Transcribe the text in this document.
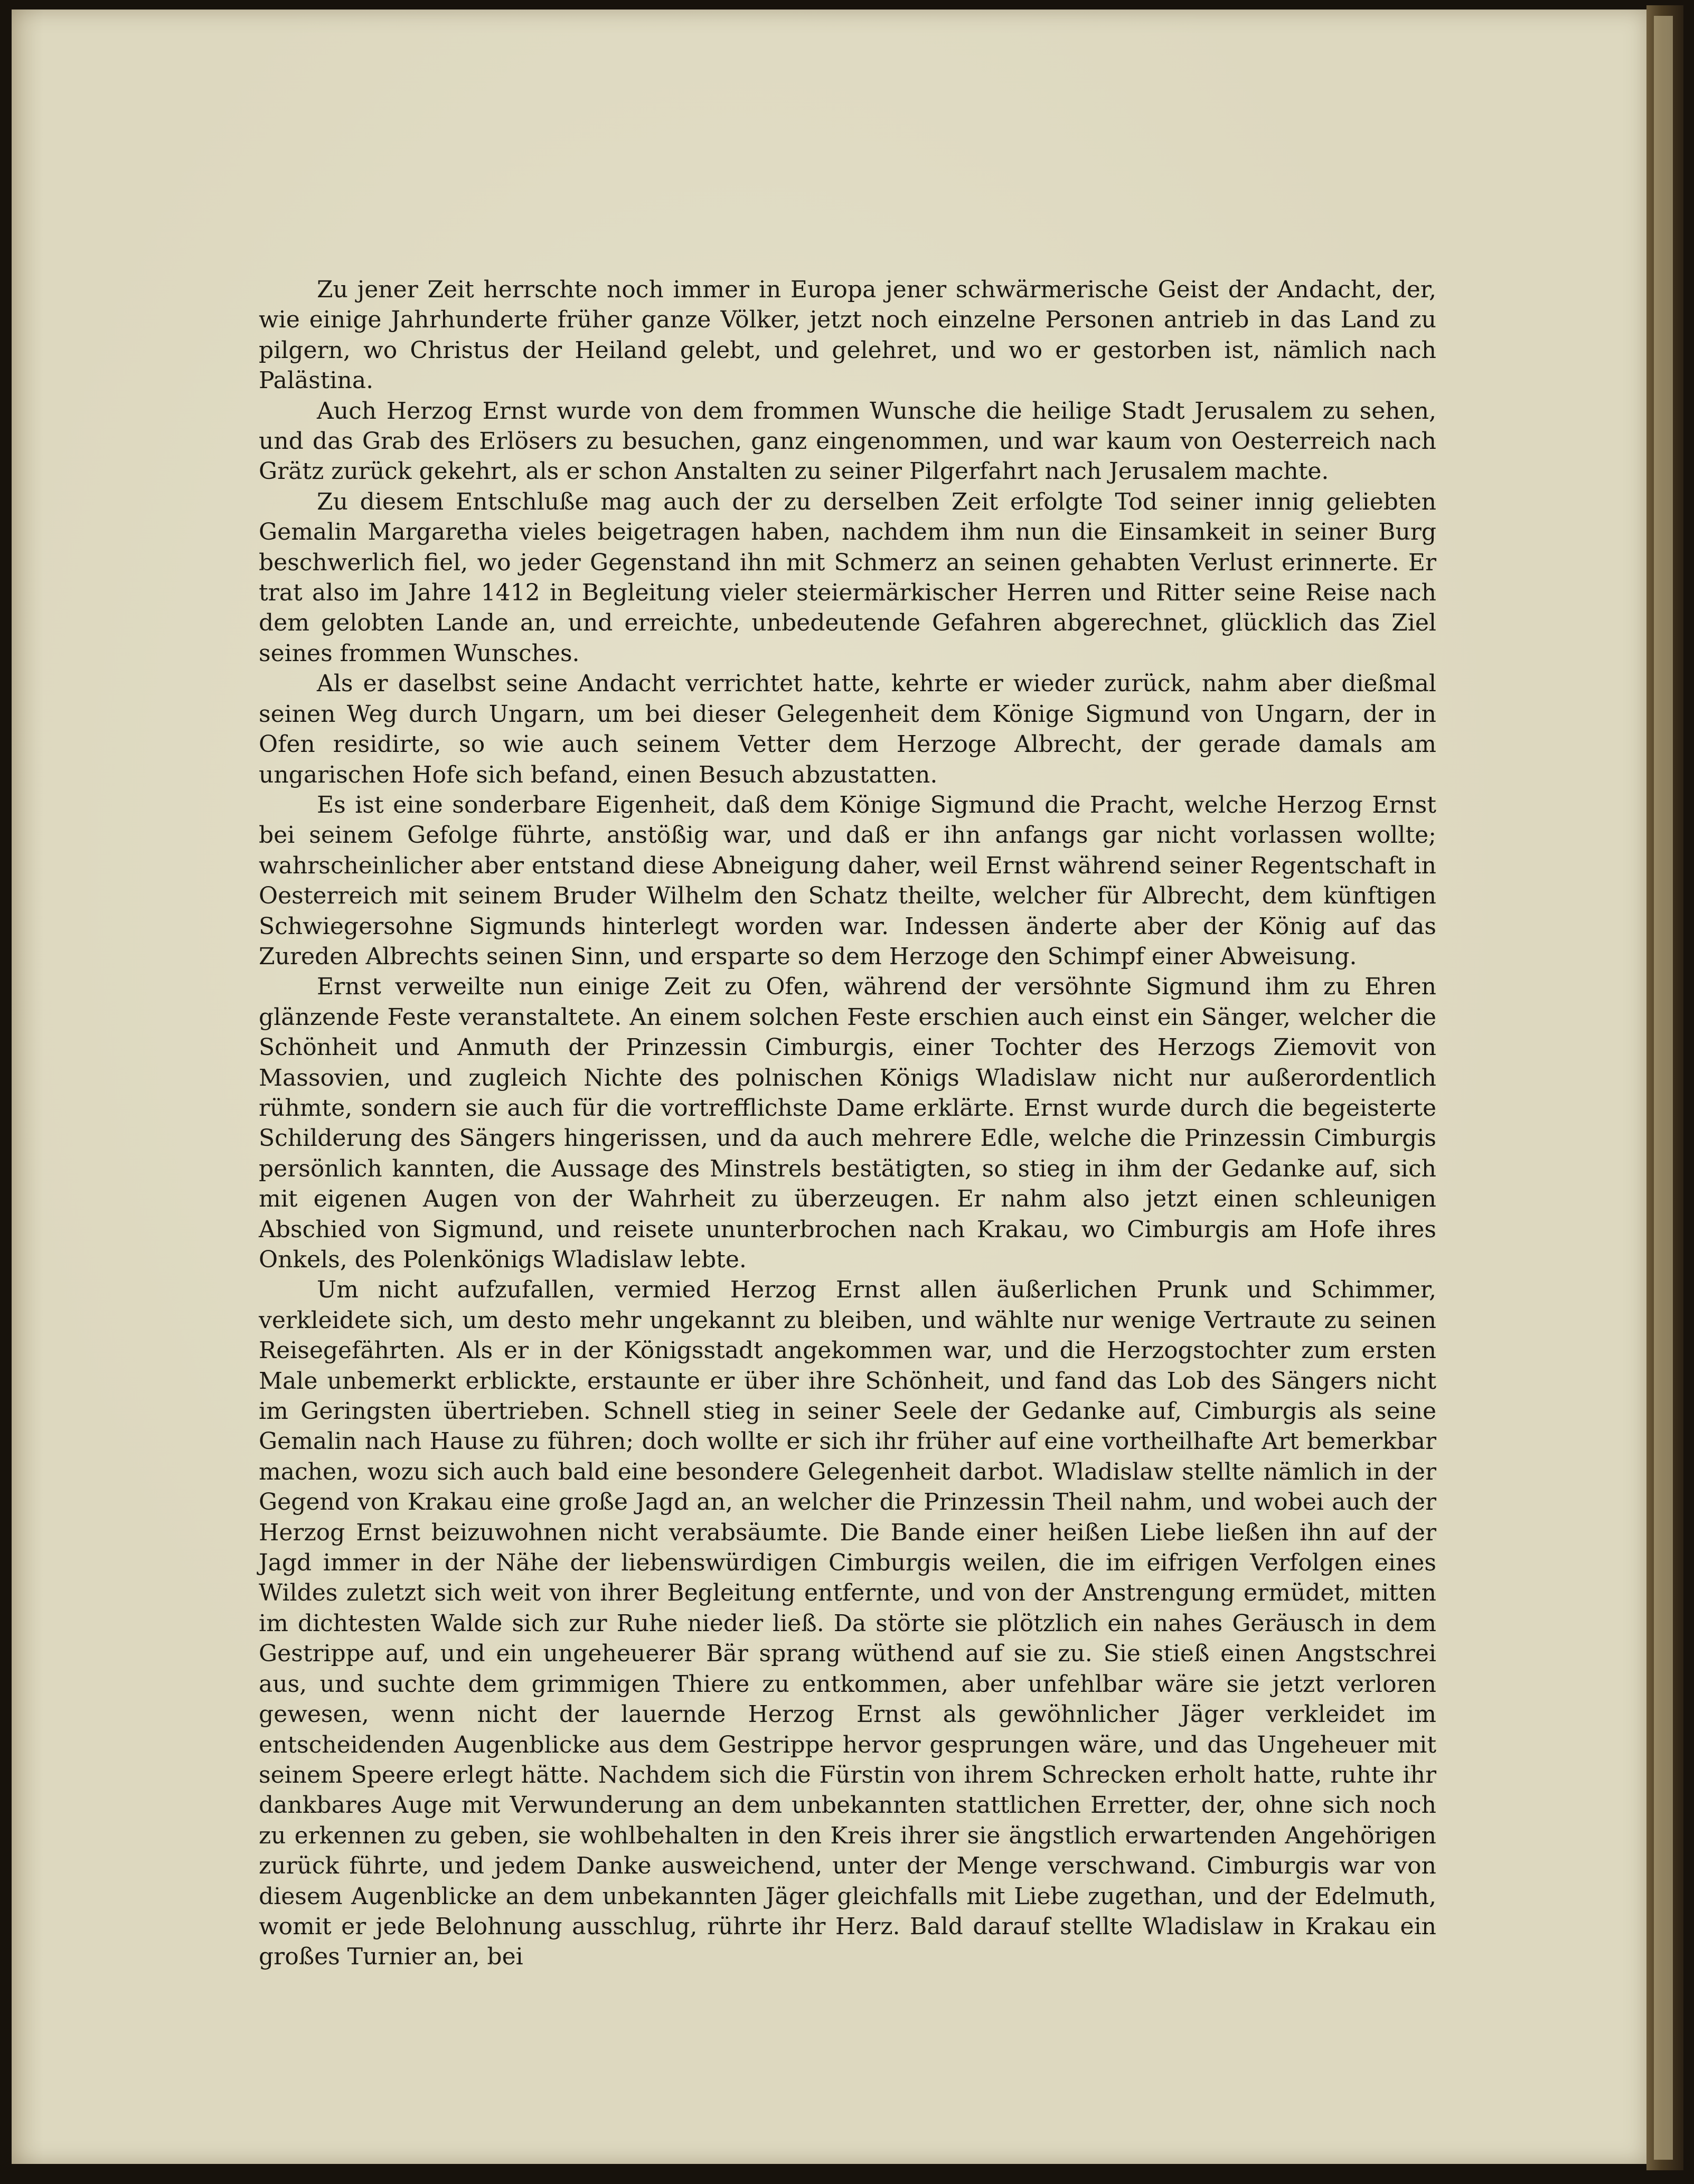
Zu jener Zeit herrschte noch immer in Europa jener schwärmerische Geist der Andacht, der, wie einige Jahrhunderte früher ganze Völker, jetzt noch einzelne Personen antrieb in das Land zu pilgern, wo Christus der Heiland gelebt, und gelehret, und wo er gestorben ist, nämlich nach Palästina.

Auch Herzog Ernst wurde von dem frommen Wunsche die heilige Stadt Jerusalem zu sehen, und das Grab des Erlösers zu besuchen, ganz eingenommen, und war kaum von Oesterreich nach Grätz zurück gekehrt, als er schon Anstalten zu seiner Pilgerfahrt nach Jerusalem machte.

Zu diesem Entschluße mag auch der zu derselben Zeit erfolgte Tod seiner innig geliebten Gemalin Margaretha vieles beigetragen haben, nachdem ihm nun die Einsamkeit in seiner Burg beschwerlich fiel, wo jeder Gegenstand ihn mit Schmerz an seinen gehabten Verlust erinnerte. Er trat also im Jahre 1412 in Begleitung vieler steiermärkischer Herren und Ritter seine Reise nach dem gelobten Lande an, und erreichte, unbedeutende Gefahren abgerechnet, glücklich das Ziel seines frommen Wunsches.

Als er daselbst seine Andacht verrichtet hatte, kehrte er wieder zurück, nahm aber dießmal seinen Weg durch Ungarn, um bei dieser Gelegenheit dem Könige Sigmund von Ungarn, der in Ofen residirte, so wie auch seinem Vetter dem Herzoge Albrecht, der gerade damals am ungarischen Hofe sich befand, einen Besuch abzustatten.

Es ist eine sonderbare Eigenheit, daß dem Könige Sigmund die Pracht, welche Herzog Ernst bei seinem Gefolge führte, anstößig war, und daß er ihn anfangs gar nicht vorlassen wollte; wahrscheinlicher aber entstand diese Abneigung daher, weil Ernst während seiner Regentschaft in Oesterreich mit seinem Bruder Wilhelm den Schatz theilte, welcher für Albrecht, dem künftigen Schwiegersohne Sigmunds hinterlegt worden war. Indessen änderte aber der König auf das Zureden Albrechts seinen Sinn, und ersparte so dem Herzoge den Schimpf einer Abweisung.

Ernst verweilte nun einige Zeit zu Ofen, während der versöhnte Sigmund ihm zu Ehren glänzende Feste veranstaltete. An einem solchen Feste erschien auch einst ein Sänger, welcher die Schönheit und Anmuth der Prinzessin Cimburgis, einer Tochter des Herzogs Ziemovit von Massovien, und zugleich Nichte des polnischen Königs Wladislaw nicht nur außerordentlich rühmte, sondern sie auch für die vortrefflichste Dame erklärte. Ernst wurde durch die begeisterte Schilderung des Sängers hingerissen, und da auch mehrere Edle, welche die Prinzessin Cimburgis persönlich kannten, die Aussage des Minstrels bestätigten, so stieg in ihm der Gedanke auf, sich mit eigenen Augen von der Wahrheit zu überzeugen. Er nahm also jetzt einen schleunigen Abschied von Sigmund, und reisete ununterbrochen nach Krakau, wo Cimburgis am Hofe ihres Onkels, des Polenkönigs Wladislaw lebte.

Um nicht aufzufallen, vermied Herzog Ernst allen äußerlichen Prunk und Schimmer, verkleidete sich, um desto mehr ungekannt zu bleiben, und wählte nur wenige Vertraute zu seinen Reisegefährten. Als er in der Königsstadt angekommen war, und die Herzogstochter zum ersten Male unbemerkt erblickte, erstaunte er über ihre Schönheit, und fand das Lob des Sängers nicht im Geringsten übertrieben. Schnell stieg in seiner Seele der Gedanke auf, Cimburgis als seine Gemalin nach Hause zu führen; doch wollte er sich ihr früher auf eine vortheilhafte Art bemerkbar machen, wozu sich auch bald eine besondere Gelegenheit darbot. Wladislaw stellte nämlich in der Gegend von Krakau eine große Jagd an, an welcher die Prinzessin Theil nahm, und wobei auch der Herzog Ernst beizuwohnen nicht verabsäumte. Die Bande einer heißen Liebe ließen ihn auf der Jagd immer in der Nähe der liebenswürdigen Cimburgis weilen, die im eifrigen Verfolgen eines Wildes zuletzt sich weit von ihrer Begleitung entfernte, und von der Anstrengung ermüdet, mitten im dichtesten Walde sich zur Ruhe nieder ließ. Da störte sie plötzlich ein nahes Geräusch in dem Gestrippe auf, und ein ungeheuerer Bär sprang wüthend auf sie zu. Sie stieß einen Angstschrei aus, und suchte dem grimmigen Thiere zu entkommen, aber unfehlbar wäre sie jetzt verloren gewesen, wenn nicht der lauernde Herzog Ernst als gewöhnlicher Jäger verkleidet im entscheidenden Augenblicke aus dem Gestrippe hervor gesprungen wäre, und das Ungeheuer mit seinem Speere erlegt hätte. Nachdem sich die Fürstin von ihrem Schrecken erholt hatte, ruhte ihr dankbares Auge mit Verwunderung an dem unbekannten stattlichen Erretter, der, ohne sich noch zu erkennen zu geben, sie wohlbehalten in den Kreis ihrer sie ängstlich erwartenden Angehörigen zurück führte, und jedem Danke ausweichend, unter der Menge verschwand. Cimburgis war von diesem Augenblicke an dem unbekannten Jäger gleichfalls mit Liebe zugethan, und der Edelmuth, womit er jede Belohnung ausschlug, rührte ihr Herz. Bald darauf stellte Wladislaw in Krakau ein großes Turnier an, bei
